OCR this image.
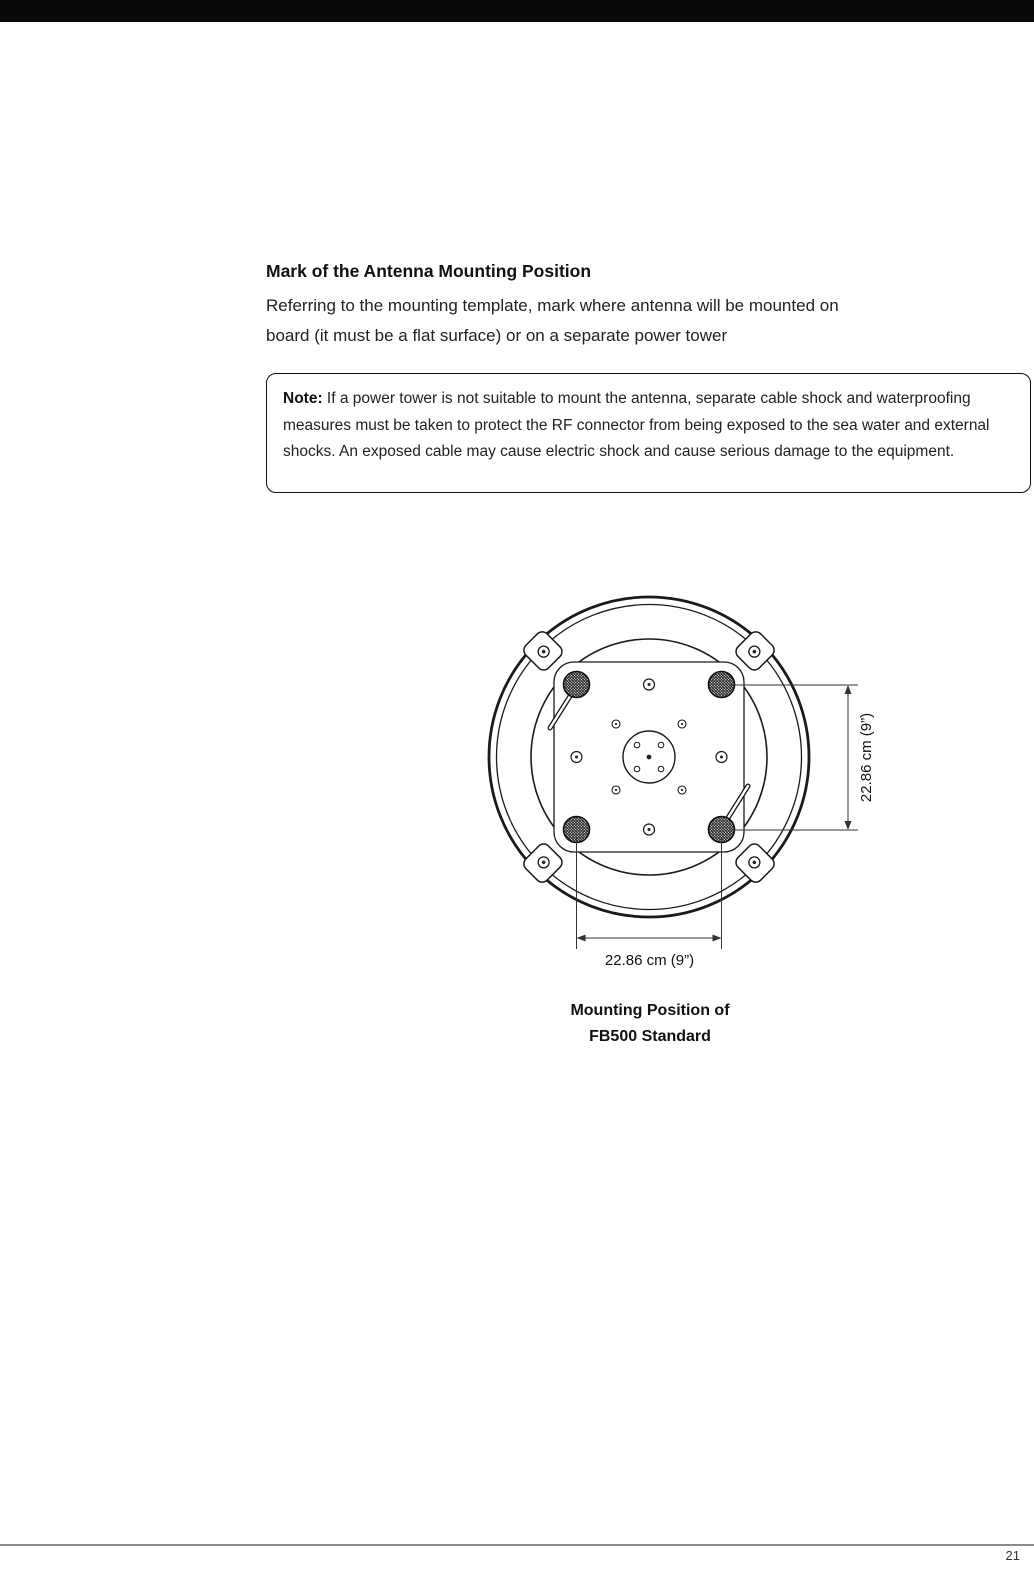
Mark of the Antenna Mounting Position

Referring to the mounting template, mark where antenna will be mounted on
board (it must be a flat surface) or on a separate power tower

Note: If a power tower is not suitable to mount the antenna, separate cable shock and waterproofing measures must be taken to protect the RF connector from being exposed to the sea water and external shocks. An exposed cable may cause electric shock and cause serious damage to the equipment.

22.86 cm (9”)
22.86 cm (9”)
Mounting Position of
FB500 Standard
21
